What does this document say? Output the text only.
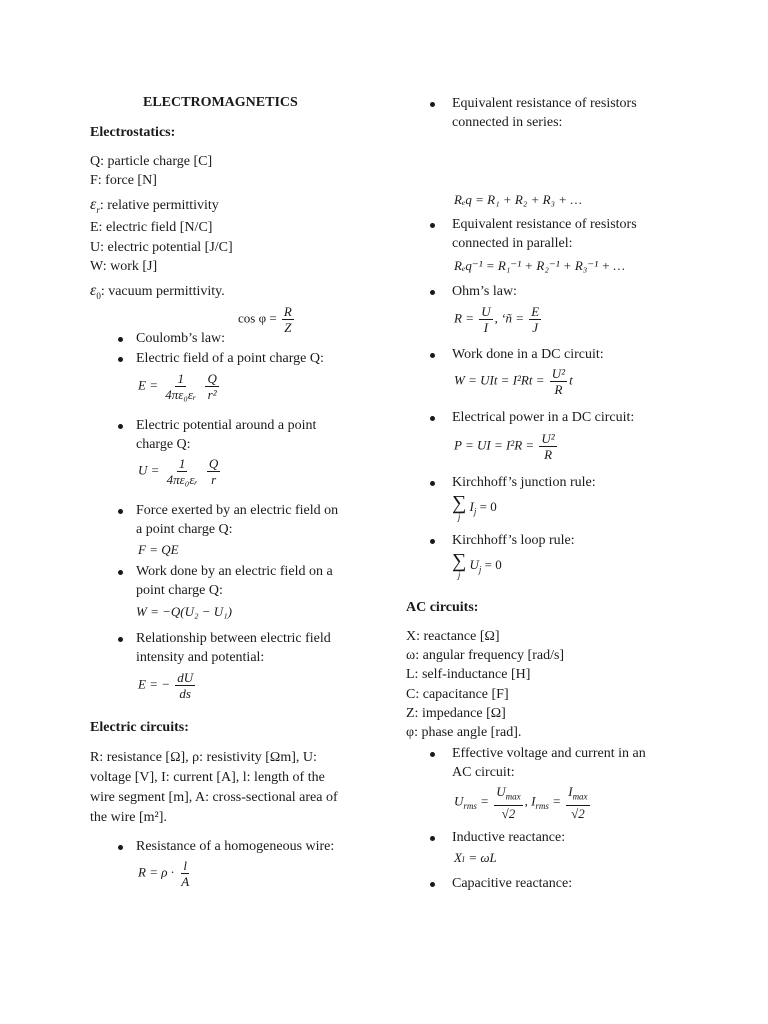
ELECTROMAGNETICS
Electrostatics:
Q: particle charge [C]
F: force [N]
$\varepsilon_r$: relative permittivity
E: electric field [N/C]
U: electric potential [J/C]
W: work [J]
$\varepsilon_0$: vacuum permittivity.
$\cos \varphi = \frac{R}{Z}$
Coulomb’s law:
Electric field of a point charge Q:
$E = \frac{1}{\text{4πε₀εᵣ}}$
$\frac{Q}{\text{r²}}$
Electric potential around a point
charge Q:
$U = \frac{1}{\text{4πε₀εᵣ}}$
$\frac{Q}{r}$
Force exerted by an electric field on
a point charge Q:
F = QE
Work done by an electric field on a
point charge Q:
W = −Q(U₂ − U₁)
Relationship between electric field
intensity and potential:
E = − $\frac{dU}{ds}$
Electric circuits:
R: resistance [Ω], ρ: resistivity [Ωm], U:
voltage [V], I: current [A], l: length of the
wire segment [m], A: cross-sectional area of
the wire [m²].
Resistance of a homogeneous wire:
$R = \rho \cdot \frac{l}{A}$
Equivalent resistance of resistors
connected in series:
Rₑq = R₁ + R₂ + R₃ + …
Equivalent resistance of resistors
connected in parallel:
Rₑq⁻¹ = R₁⁻¹ + R₂⁻¹ + R₃⁻¹ + …
Ohm’s law:
$R = \frac{U}{I}$ , ‘ñ = $\frac{E}{J}$
Work done in a DC circuit:
W = UIt = $I^2Rt = \frac{\text{U²}}{R}$ t
Electrical power in a DC circuit:
P = UI = $I^2R = \frac{\text{U²}}{R}$
Kirchhoff’s junction rule:
∑
j
$I_j = 0$
Kirchhoff’s loop rule:
∑
j
$U_j = 0$
AC circuits:
X: reactance [Ω]
ω: angular frequency [rad/s]
L: self-inductance [H]
C: capacitance [F]
Z: impedance [Ω]
φ: phase angle [rad].
Effective voltage and current in an
AC circuit:
$U_{rms} = \frac{U_{max}}{√2}$ , $I_{rms} = \frac{I_{max}}{√2}$
Inductive reactance:
Xₗ = ωL
Capacitive reactance:
